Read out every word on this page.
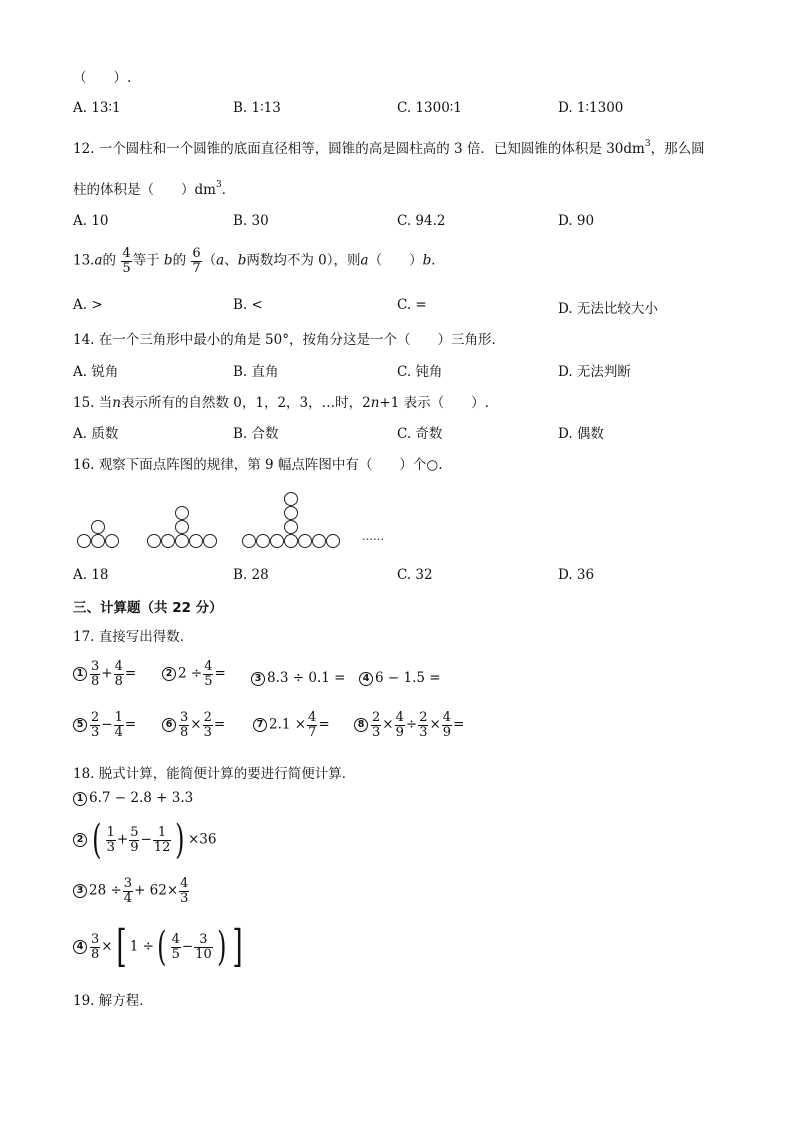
（　　）.
A. 13∶1	B. 1∶13	C. 1300∶1	D. 1∶1300
12. 一个圆柱和一个圆锥的底面直径相等，圆锥的高是圆柱高的 3 倍．已知圆锥的体积是 $30dm^3$，那么圆
柱的体积是（　　）$dm^3$．
A. 10	B. 30	C. 94.2	D. 90
13.a的 $\frac{4}{5}$ 等于 b的 $\frac{6}{7} (a$、b两数均不为 0），则a（　　）b．
A. >	B. <	C. =	D. 无法比较大小
14. 在一个三角形中最小的角是 50°，按角分这是一个（　　）三角形．
A. 锐角	B. 直角	C. 钝角	D. 无法判断
15. 当n表示所有的自然数 0，1，2，3，…时，2n+1 表示（　　）.
A. 质数	B. 合数	C. 奇数	D. 偶数
16. 观察下面点阵图的规律，第 9 幅点阵图中有（　　）个○.
……
A. 18	B. 28	C. 32	D. 36
三、计算题（共 22 分）
17. 直接写出得数．
$1 \frac{3}{8} + \frac{4}{8}$ =	2 $2 \div \frac{4}{5}$ =	3 8.3 ÷ 0.1 =	4 6 − 1.5 =
$5 \frac{2}{3} - \frac{1}{4}$ =	$6 \frac{3}{8} \times \frac{2}{3}$ =	7 $2.1 \times \frac{4}{7}$ =	$8 \frac{2}{3} \times \frac{4}{9} \div \frac{2}{3} \times \frac{4}{9}$ =
18. 脱式计算，能简便计算的要进行简便计算．
1 6.7 − 2.8 + 3.3
2 ( $\frac{1}{3} + \frac{5}{9} - \frac{1}{12}$ ) ×36
3 $28 \div \frac{3}{4} + 62\times \frac{4}{3}$
$4 \frac{3}{8}$ ×[ 1 ÷( $\frac{4}{5} - \frac{3}{10}$ ) ]
19. 解方程．
